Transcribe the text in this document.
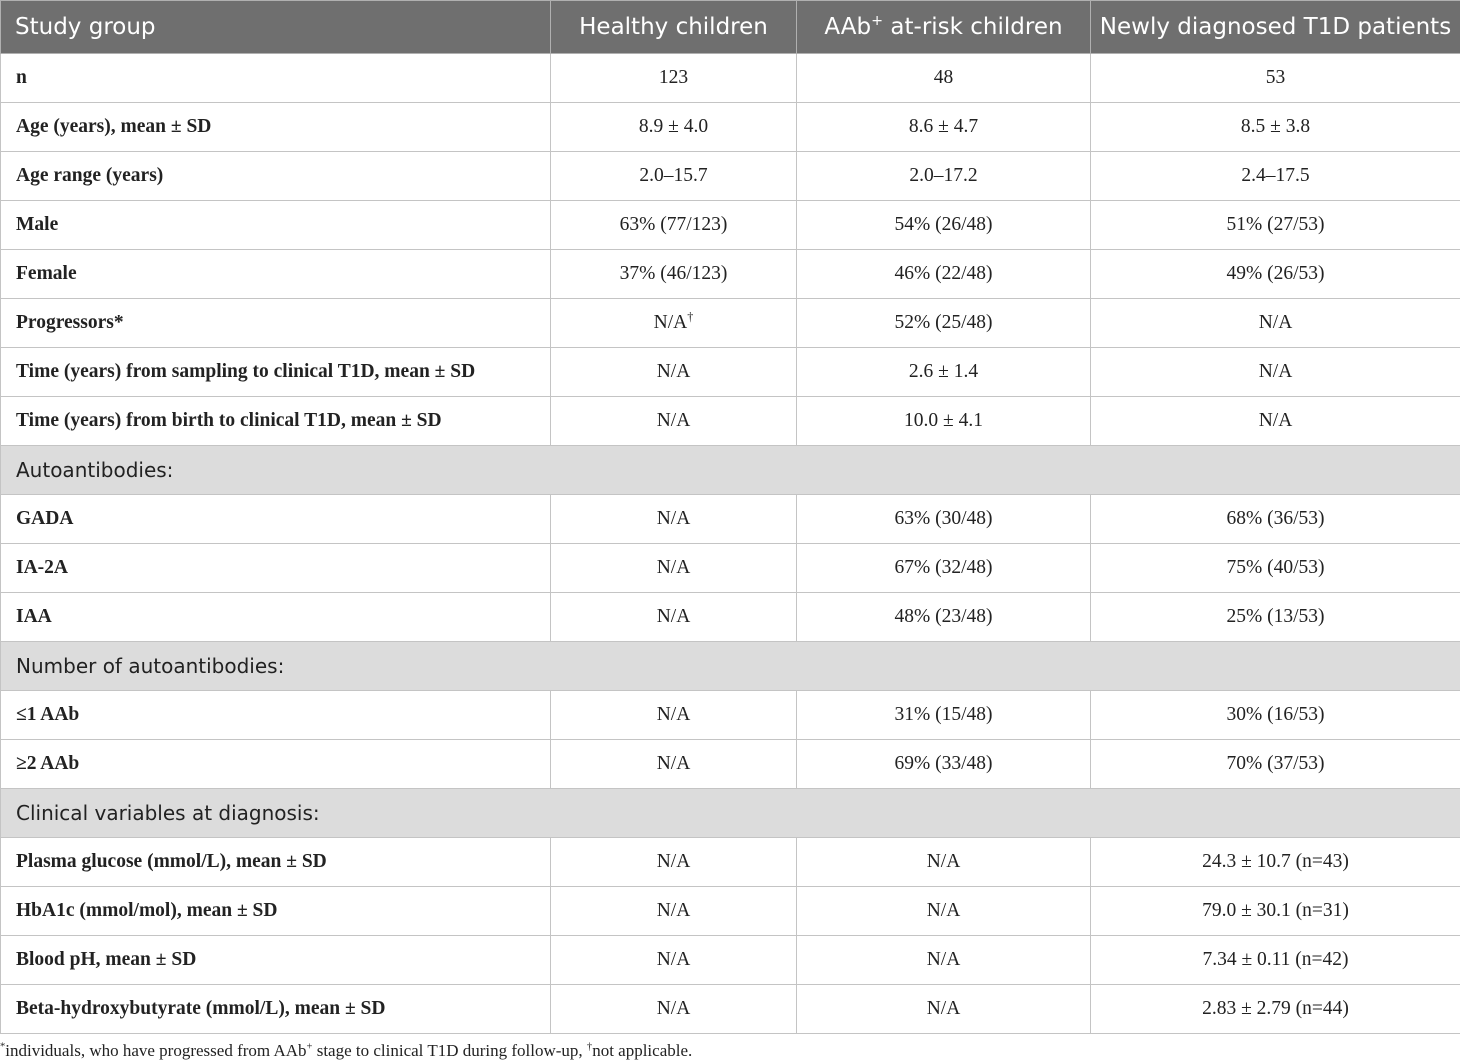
Study group	Healthy children	AAb+ at-risk children	Newly diagnosed T1D patients
n	123	48	53
Age (years), mean ± SD	8.9 ± 4.0	8.6 ± 4.7	8.5 ± 3.8
Age range (years)	2.0–15.7	2.0–17.2	2.4–17.5
Male	63% (77/123)	54% (26/48)	51% (27/53)
Female	37% (46/123)	46% (22/48)	49% (26/53)
Progressors*	N/A†	52% (25/48)	N/A
Time (years) from sampling to clinical T1D, mean ± SD	N/A	2.6 ± 1.4	N/A
Time (years) from birth to clinical T1D, mean ± SD	N/A	10.0 ± 4.1	N/A
Autoantibodies:			
GADA	N/A	63% (30/48)	68% (36/53)
IA-2A	N/A	67% (32/48)	75% (40/53)
IAA	N/A	48% (23/48)	25% (13/53)
Number of autoantibodies:			
≤1 AAb	N/A	31% (15/48)	30% (16/53)
≥2 AAb	N/A	69% (33/48)	70% (37/53)
Clinical variables at diagnosis:			
Plasma glucose (mmol/L), mean ± SD	N/A	N/A	24.3 ± 10.7 (n=43)
HbA1c (mmol/mol), mean ± SD	N/A	N/A	79.0 ± 30.1 (n=31)
Blood pH, mean ± SD	N/A	N/A	7.34 ± 0.11 (n=42)
Beta-hydroxybutyrate (mmol/L), mean ± SD	N/A	N/A	2.83 ± 2.79 (n=44)
*individuals, who have progressed from AAb+ stage to clinical T1D during follow-up, †not applicable.
